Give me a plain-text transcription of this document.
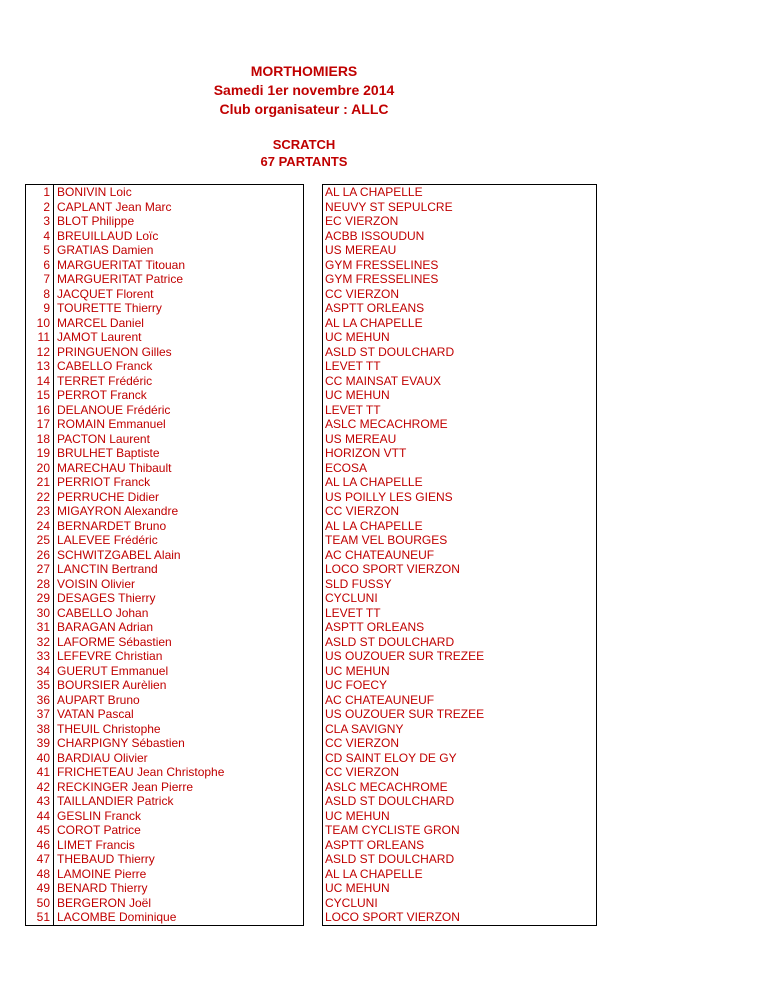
MORTHOMIERS
Samedi 1er novembre 2014
Club organisateur : ALLC
SCRATCH
67 PARTANTS
1	BONIVIN Loic		AL LA CHAPELLE
2	CAPLANT Jean Marc		NEUVY ST SEPULCRE
3	BLOT Philippe		EC VIERZON
4	BREUILLAUD Loïc		ACBB ISSOUDUN
5	GRATIAS Damien		US MEREAU
6	MARGUERITAT Titouan		GYM FRESSELINES
7	MARGUERITAT Patrice		GYM FRESSELINES
8	JACQUET Florent		CC VIERZON
9	TOURETTE Thierry		ASPTT ORLEANS
10	MARCEL Daniel		AL LA CHAPELLE
11	JAMOT Laurent		UC MEHUN
12	PRINGUENON Gilles		ASLD ST DOULCHARD
13	CABELLO Franck		LEVET TT
14	TERRET Frédéric		CC MAINSAT EVAUX
15	PERROT Franck		UC MEHUN
16	DELANOUE Frédéric		LEVET TT
17	ROMAIN Emmanuel		ASLC MECACHROME
18	PACTON Laurent		US MEREAU
19	BRULHET Baptiste		HORIZON VTT
20	MARECHAU Thibault		ECOSA
21	PERRIOT Franck		AL LA CHAPELLE
22	PERRUCHE Didier		US POILLY LES GIENS
23	MIGAYRON Alexandre		CC VIERZON
24	BERNARDET Bruno		AL LA CHAPELLE
25	LALEVEE Frédéric		TEAM VEL BOURGES
26	SCHWITZGABEL Alain		AC CHATEAUNEUF
27	LANCTIN Bertrand		LOCO SPORT VIERZON
28	VOISIN Olivier		SLD FUSSY
29	DESAGES Thierry		CYCLUNI
30	CABELLO Johan		LEVET TT
31	BARAGAN Adrian		ASPTT ORLEANS
32	LAFORME Sébastien		ASLD ST DOULCHARD
33	LEFEVRE Christian		US OUZOUER SUR TREZEE
34	GUERUT Emmanuel		UC MEHUN
35	BOURSIER Aurèlien		UC FOECY
36	AUPART Bruno		AC CHATEAUNEUF
37	VATAN Pascal		US OUZOUER SUR TREZEE
38	THEUIL Christophe		CLA SAVIGNY
39	CHARPIGNY Sébastien		CC VIERZON
40	BARDIAU Olivier		CD SAINT ELOY DE GY
41	FRICHETEAU Jean Christophe		CC VIERZON
42	RECKINGER Jean Pierre		ASLC MECACHROME
43	TAILLANDIER Patrick		ASLD ST DOULCHARD
44	GESLIN Franck		UC MEHUN
45	COROT Patrice		TEAM CYCLISTE GRON
46	LIMET Francis		ASPTT ORLEANS
47	THEBAUD Thierry		ASLD ST DOULCHARD
48	LAMOINE Pierre		AL LA CHAPELLE
49	BENARD Thierry		UC MEHUN
50	BERGERON Joël		CYCLUNI
51	LACOMBE Dominique		LOCO SPORT VIERZON
